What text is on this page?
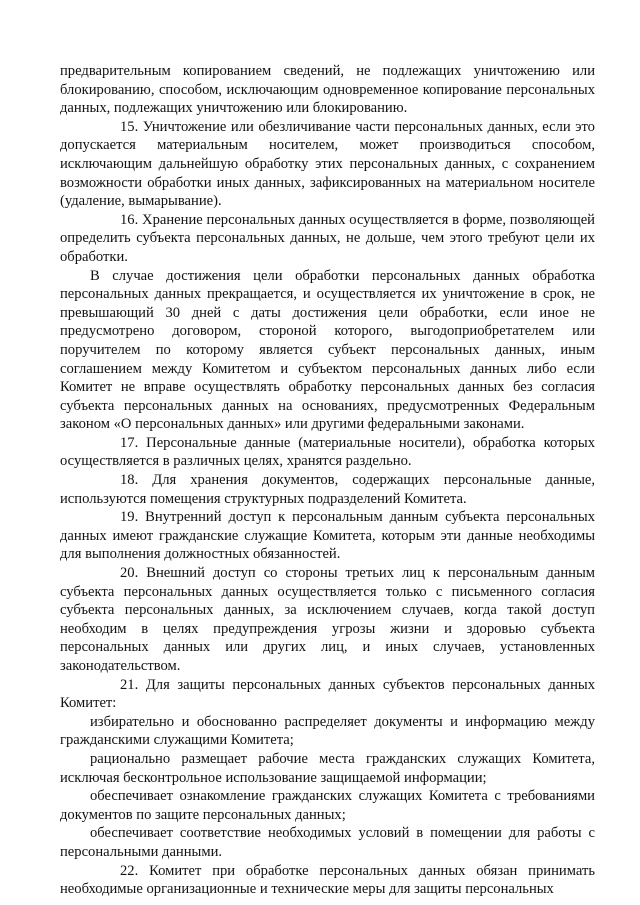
предварительным копированием сведений, не подлежащих уничтожению или блокированию, способом, исключающим одновременное копирование персональных данных, подлежащих уничтожению или блокированию.

15. Уничтожение или обезличивание части персональных данных, если это допускается материальным носителем, может производиться способом, исключающим дальнейшую обработку этих персональных данных, с сохранением возможности обработки иных данных, зафиксированных на материальном носителе (удаление, вымарывание).

16. Хранение персональных данных осуществляется в форме, позволяющей определить субъекта персональных данных, не дольше, чем этого требуют цели их обработки.

В случае достижения цели обработки персональных данных обработка персональных данных прекращается, и осуществляется их уничтожение в срок, не превышающий 30 дней с даты достижения цели обработки, если иное не предусмотрено договором, стороной которого, выгодоприобретателем или поручителем по которому является субъект персональных данных, иным соглашением между Комитетом и субъектом персональных данных либо если Комитет не вправе осуществлять обработку персональных данных без согласия субъекта персональных данных на основаниях, предусмотренных Федеральным законом «О персональных данных» или другими федеральными законами.

17. Персональные данные (материальные носители), обработка которых осуществляется в различных целях, хранятся раздельно.

18. Для хранения документов, содержащих персональные данные, используются помещения структурных подразделений Комитета.

19. Внутренний доступ к персональным данным субъекта персональных данных имеют гражданские служащие Комитета, которым эти данные необходимы для выполнения должностных обязанностей.

20. Внешний доступ со стороны третьих лиц к персональным данным субъекта персональных данных осуществляется только с письменного согласия субъекта персональных данных, за исключением случаев, когда такой доступ необходим в целях предупреждения угрозы жизни и здоровью субъекта персональных данных или других лиц, и иных случаев, установленных законодательством.

21. Для защиты персональных данных субъектов персональных данных Комитет:

избирательно и обоснованно распределяет документы и информацию между гражданскими служащими Комитета;

рационально размещает рабочие места гражданских служащих Комитета, исключая бесконтрольное использование защищаемой информации;

обеспечивает ознакомление гражданских служащих Комитета с требованиями документов по защите персональных данных;

обеспечивает соответствие необходимых условий в помещении для работы с персональными данными.

22. Комитет при обработке персональных данных обязан принимать необходимые организационные и технические меры для защиты персональных
